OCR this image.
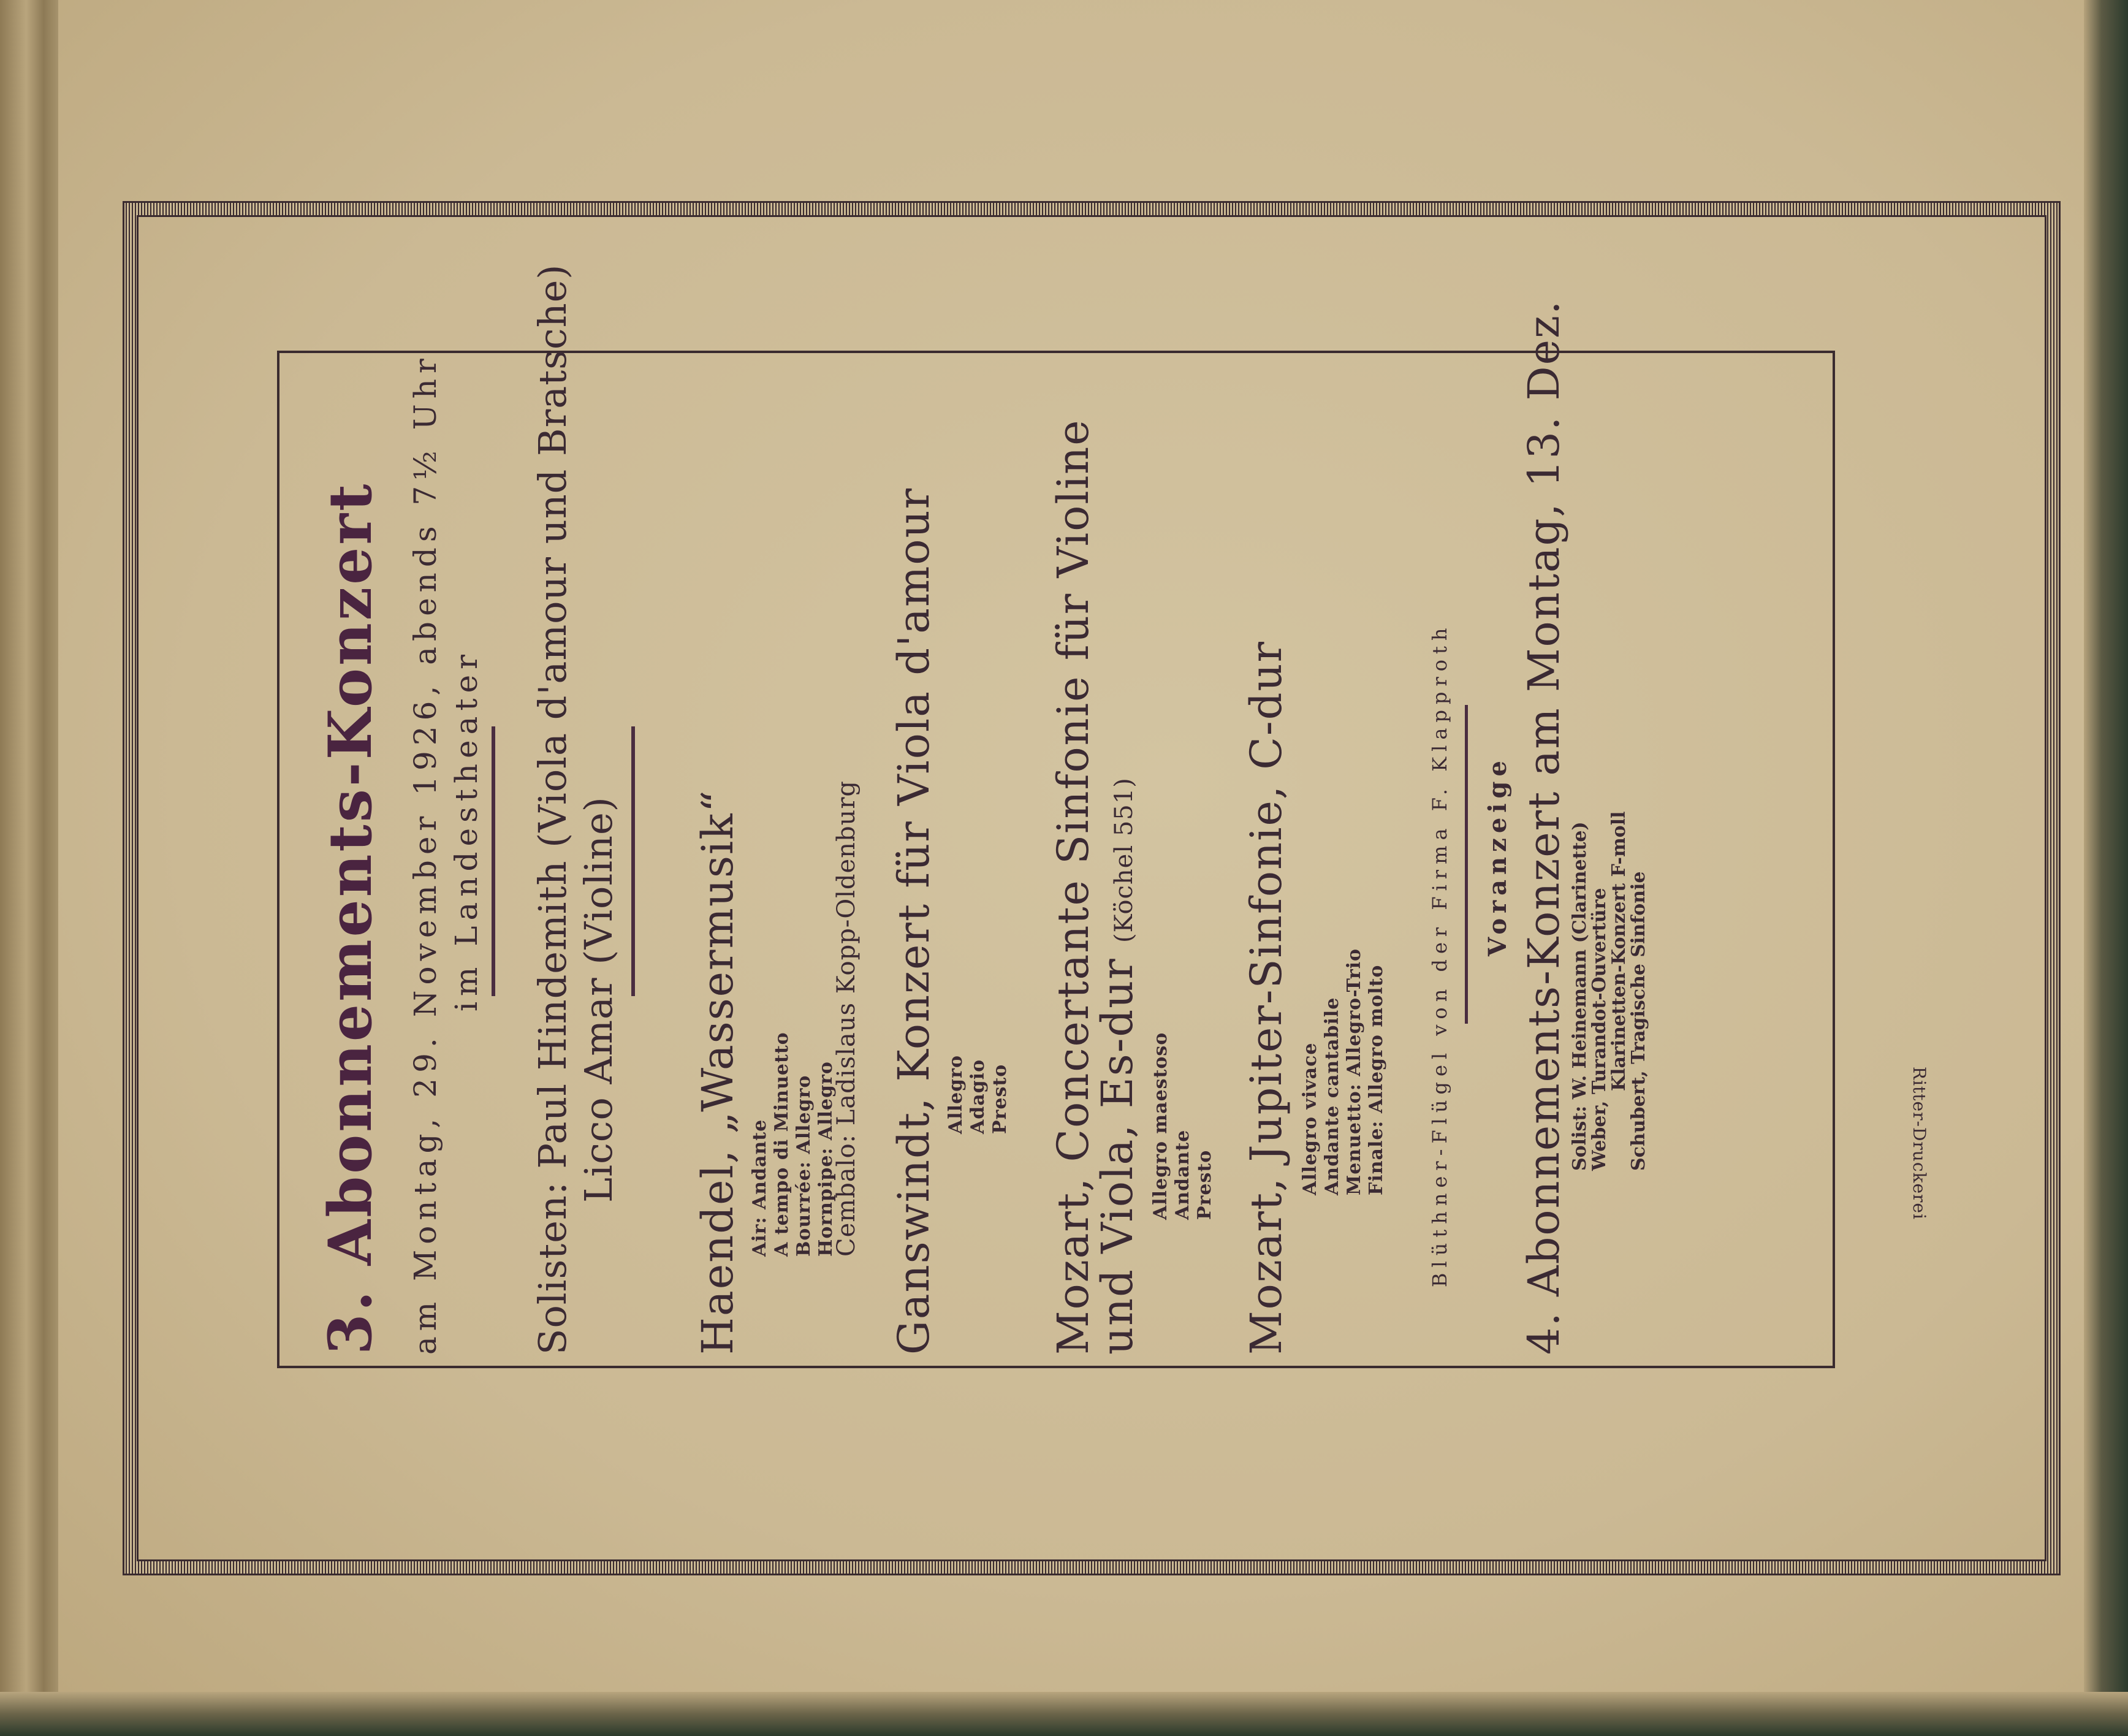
3. Abonnements-Konzert am Montag, 29. November 1926, abends 7½ Uhr im Landestheater Solisten: Paul Hindemith (Viola d'amour und Bratsche) Licco Amar (Violine) Haendel, „Wassermusik“ Air: Andante A tempo di Minuetto Bourrée: Allegro Hornpipe: Allegro
Cembalo: Ladislaus Kopp-Oldenburg Ganswindt, Konzert für Viola d'amour Allegro Adagio Presto Mozart, Concertante Sinfonie für Violine
und Viola, Es-dur (Köchel 551)
Allegro maestoso Andante Presto Mozart, Jupiter-Sinfonie, C-dur Allegro vivace Andante cantabile Menuetto: Allegro-Trio Finale: Allegro molto Blüthner-Flügel von der Firma F. Klapproth Voranzeige 4. Abonnements-Konzert am Montag, 13. Dez. Solist: W. Heinemann (Clarinette)
Weber, Turandot-Ouvertüre
Klarinetten-Konzert F-moll
Schubert, Tragische Sinfonie	Ritter-Druckerei
